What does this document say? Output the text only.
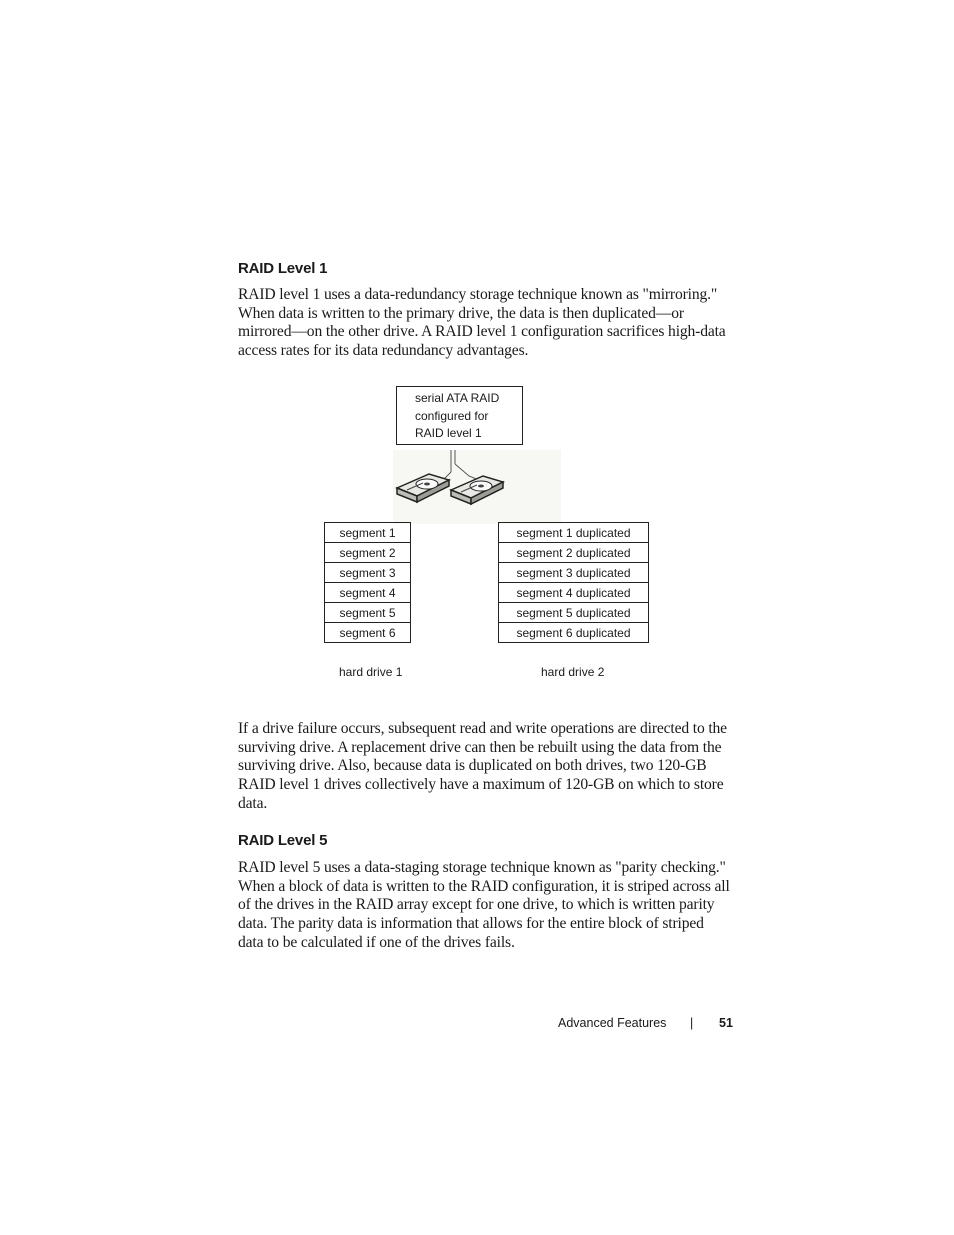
RAID Level 1

RAID level 1 uses a data-redundancy storage technique known as "mirroring."
When data is written to the primary drive, the data is then duplicated—or
mirrored—on the other drive. A RAID level 1 configuration sacrifices high-data
access rates for its data redundancy advantages.

serial ATA RAID
configured for
RAID level 1
segment 1
segment 2
segment 3
segment 4
segment 5
segment 6
segment 1 duplicated
segment 2 duplicated
segment 3 duplicated
segment 4 duplicated
segment 5 duplicated
segment 6 duplicated
hard drive 1	hard drive 2

If a drive failure occurs, subsequent read and write operations are directed to the
surviving drive. A replacement drive can then be rebuilt using the data from the
surviving drive. Also, because data is duplicated on both drives, two 120-GB
RAID level 1 drives collectively have a maximum of 120-GB on which to store
data.

RAID Level 5

RAID level 5 uses a data-staging storage technique known as "parity checking."
When a block of data is written to the RAID configuration, it is striped across all
of the drives in the RAID array except for one drive, to which is written parity
data. The parity data is information that allows for the entire block of striped
data to be calculated if one of the drives fails.

Advanced Features | 51
